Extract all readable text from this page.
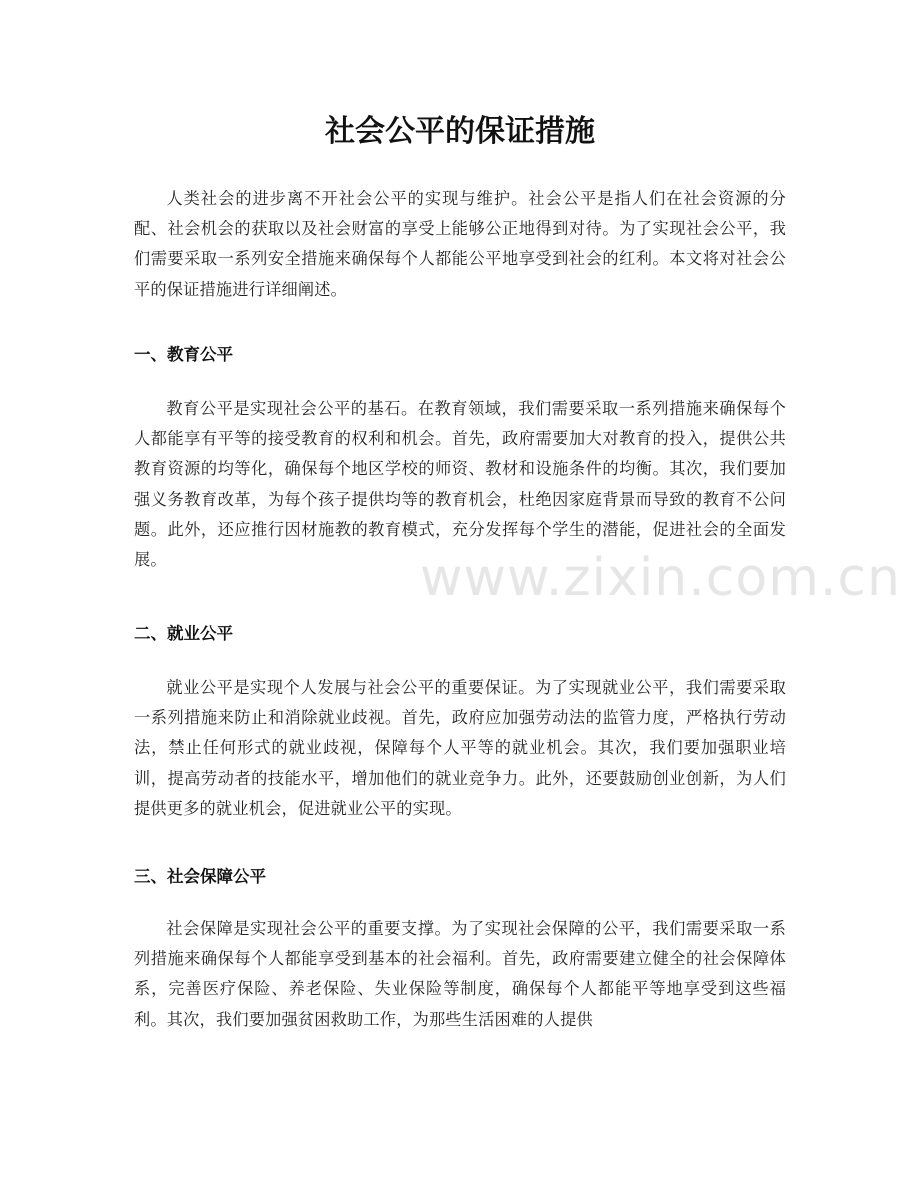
www.zixin.com.cn
社会公平的保证措施

人类社会的进步离不开社会公平的实现与维护。社会公平是指人们在社会资源的分配、社会机会的获取以及社会财富的享受上能够公正地得到对待。为了实现社会公平，我们需要采取一系列安全措施来确保每个人都能公平地享受到社会的红利。本文将对社会公平的保证措施进行详细阐述。

一、教育公平

教育公平是实现社会公平的基石。在教育领域，我们需要采取一系列措施来确保每个人都能享有平等的接受教育的权利和机会。首先，政府需要加大对教育的投入，提供公共教育资源的均等化，确保每个地区学校的师资、教材和设施条件的均衡。其次，我们要加强义务教育改革，为每个孩子提供均等的教育机会，杜绝因家庭背景而导致的教育不公问题。此外，还应推行因材施教的教育模式，充分发挥每个学生的潜能，促进社会的全面发展。

二、就业公平

就业公平是实现个人发展与社会公平的重要保证。为了实现就业公平，我们需要采取一系列措施来防止和消除就业歧视。首先，政府应加强劳动法的监管力度，严格执行劳动法，禁止任何形式的就业歧视，保障每个人平等的就业机会。其次，我们要加强职业培训，提高劳动者的技能水平，增加他们的就业竞争力。此外，还要鼓励创业创新，为人们提供更多的就业机会，促进就业公平的实现。

三、社会保障公平

社会保障是实现社会公平的重要支撑。为了实现社会保障的公平，我们需要采取一系列措施来确保每个人都能享受到基本的社会福利。首先，政府需要建立健全的社会保障体系，完善医疗保险、养老保险、失业保险等制度，确保每个人都能平等地享受到这些福利。其次，我们要加强贫困救助工作，为那些生活困难的人提供
